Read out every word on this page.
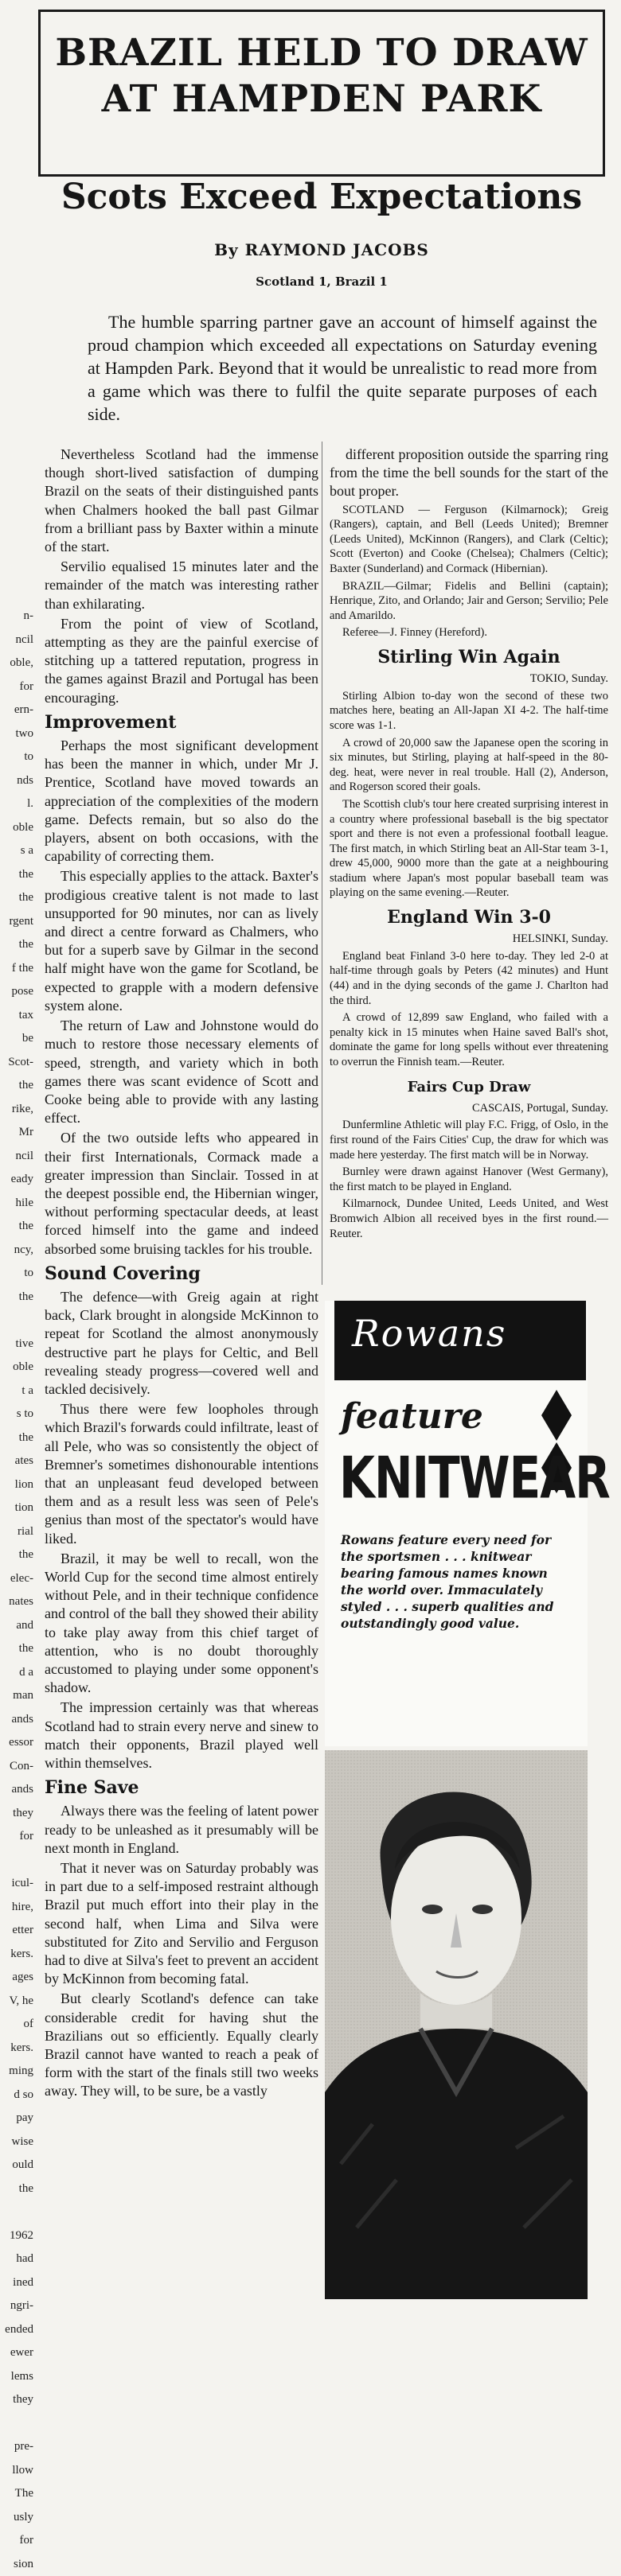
n-
ncil
oble,
for
ern-
two
to
nds
l.
oble
s a
the
the
rgent
the
f the
pose
tax
be
Scot-
the
rike,
Mr
ncil
eady
hile
the
ncy,
to
the

tive
oble
t a
s to
the
ates
lion
tion
rial
the
elec-
nates
and
the
d a
man
ands
essor
Con-
ands
they
for

icul-
hire,
etter
kers.
ages
V, he
of
kers.
ming
d so
pay
wise
ould
the

1962
had
ined
ngri-
ended
ewer
lems
they

pre-
llow
The
usly
for
sion
BRAZIL HELD TO DRAW
AT HAMPDEN PARK
Scots Exceed Expectations
By RAYMOND JACOBS
Scotland 1, Brazil 1

The humble sparring partner gave an account of himself against the proud champion which exceeded all expectations on Saturday evening at Hampden Park. Beyond that it would be unrealistic to read more from a game which was there to fulfil the quite separate purposes of each side.

Nevertheless Scotland had the immense though short-lived satisfaction of dumping Brazil on the seats of their distinguished pants when Chalmers hooked the ball past Gilmar from a brilliant pass by Baxter within a minute of the start.

Servilio equalised 15 minutes later and the remainder of the match was interesting rather than exhilarating.

From the point of view of Scotland, attempting as they are the painful exercise of stitching up a tattered reputation, progress in the games against Brazil and Portugal has been encouraging.

Improvement

Perhaps the most significant development has been the manner in which, under Mr J. Prentice, Scotland have moved towards an appreciation of the complexities of the modern game. Defects remain, but so also do the players, absent on both occasions, with the capability of correcting them.

This especially applies to the attack. Baxter's prodigious creative talent is not made to last unsupported for 90 minutes, nor can as lively and direct a centre forward as Chalmers, who but for a superb save by Gilmar in the second half might have won the game for Scotland, be expected to grapple with a modern defensive system alone.

The return of Law and Johnstone would do much to restore those necessary elements of speed, strength, and variety which in both games there was scant evidence of Scott and Cooke being able to provide with any lasting effect.

Of the two outside lefts who appeared in their first Internationals, Cormack made a greater impression than Sinclair. Tossed in at the deepest possible end, the Hibernian winger, without performing spectacular deeds, at least forced himself into the game and indeed absorbed some bruising tackles for his trouble.

Sound Covering

The defence—with Greig again at right back, Clark brought in alongside McKinnon to repeat for Scotland the almost anonymously destructive part he plays for Celtic, and Bell revealing steady progress—covered well and tackled decisively.

Thus there were few loopholes through which Brazil's forwards could infiltrate, least of all Pele, who was so consistently the object of Bremner's sometimes dishonourable intentions that an unpleasant feud developed between them and as a result less was seen of Pele's genius than most of the spectator's would have liked.

Brazil, it may be well to recall, won the World Cup for the second time almost entirely without Pele, and in their technique confidence and control of the ball they showed their ability to take play away from this chief target of attention, who is no doubt thoroughly accustomed to playing under some opponent's shadow.

The impression certainly was that whereas Scotland had to strain every nerve and sinew to match their opponents, Brazil played well within themselves.

Fine Save

Always there was the feeling of latent power ready to be unleashed as it presumably will be next month in England.

That it never was on Saturday probably was in part due to a self-imposed restraint although Brazil put much effort into their play in the second half, when Lima and Silva were substituted for Zito and Servilio and Ferguson had to dive at Silva's feet to prevent an accident by McKinnon from becoming fatal.

But clearly Scotland's defence can take considerable credit for having shut the Brazilians out so efficiently. Equally clearly Brazil cannot have wanted to reach a peak of form with the start of the finals still two weeks away. They will, to be sure, be a vastly

different proposition outside the sparring ring from the time the bell sounds for the start of the bout proper.

SCOTLAND — Ferguson (Kilmarnock); Greig (Rangers), captain, and Bell (Leeds United); Bremner (Leeds United), McKinnon (Rangers), and Clark (Celtic); Scott (Everton) and Cooke (Chelsea); Chalmers (Celtic); Baxter (Sunderland) and Cormack (Hibernian).

BRAZIL—Gilmar; Fidelis and Bellini (captain); Henrique, Zito, and Orlando; Jair and Gerson; Servilio; Pele and Amarildo.

Referee—J. Finney (Hereford).

Stirling Win Again

TOKIO, Sunday.

Stirling Albion to-day won the second of these two matches here, beating an All-Japan XI 4-2. The half-time score was 1-1.

A crowd of 20,000 saw the Japanese open the scoring in six minutes, but Stirling, playing at half-speed in the 80-deg. heat, were never in real trouble. Hall (2), Anderson, and Rogerson scored their goals.

The Scottish club's tour here created surprising interest in a country where professional baseball is the big spectator sport and there is not even a professional football league. The first match, in which Stirling beat an All-Star team 3-1, drew 45,000, 9000 more than the gate at a neighbouring stadium where Japan's most popular baseball team was playing on the same evening.—Reuter.

England Win 3-0

HELSINKI, Sunday.

England beat Finland 3-0 here to-day. They led 2-0 at half-time through goals by Peters (42 minutes) and Hunt (44) and in the dying seconds of the game J. Charlton had the third.

A crowd of 12,899 saw England, who failed with a penalty kick in 15 minutes when Haine saved Ball's shot, dominate the game for long spells without ever threatening to overrun the Finnish team.—Reuter.

Fairs Cup Draw

CASCAIS, Portugal, Sunday.

Dunfermline Athletic will play F.C. Frigg, of Oslo, in the first round of the Fairs Cities' Cup, the draw for which was made here yesterday. The first match will be in Norway.

Burnley were drawn against Hanover (West Germany), the first match to be played in England.

Kilmarnock, Dundee United, Leeds United, and West Bromwich Albion all received byes in the first round.—Reuter.

Rowans
feature
KNITWEAR
Rowans feature every need for the sportsmen . . . knitwear bearing famous names known the world over. Immaculately styled . . . superb qualities and outstandingly good value.
